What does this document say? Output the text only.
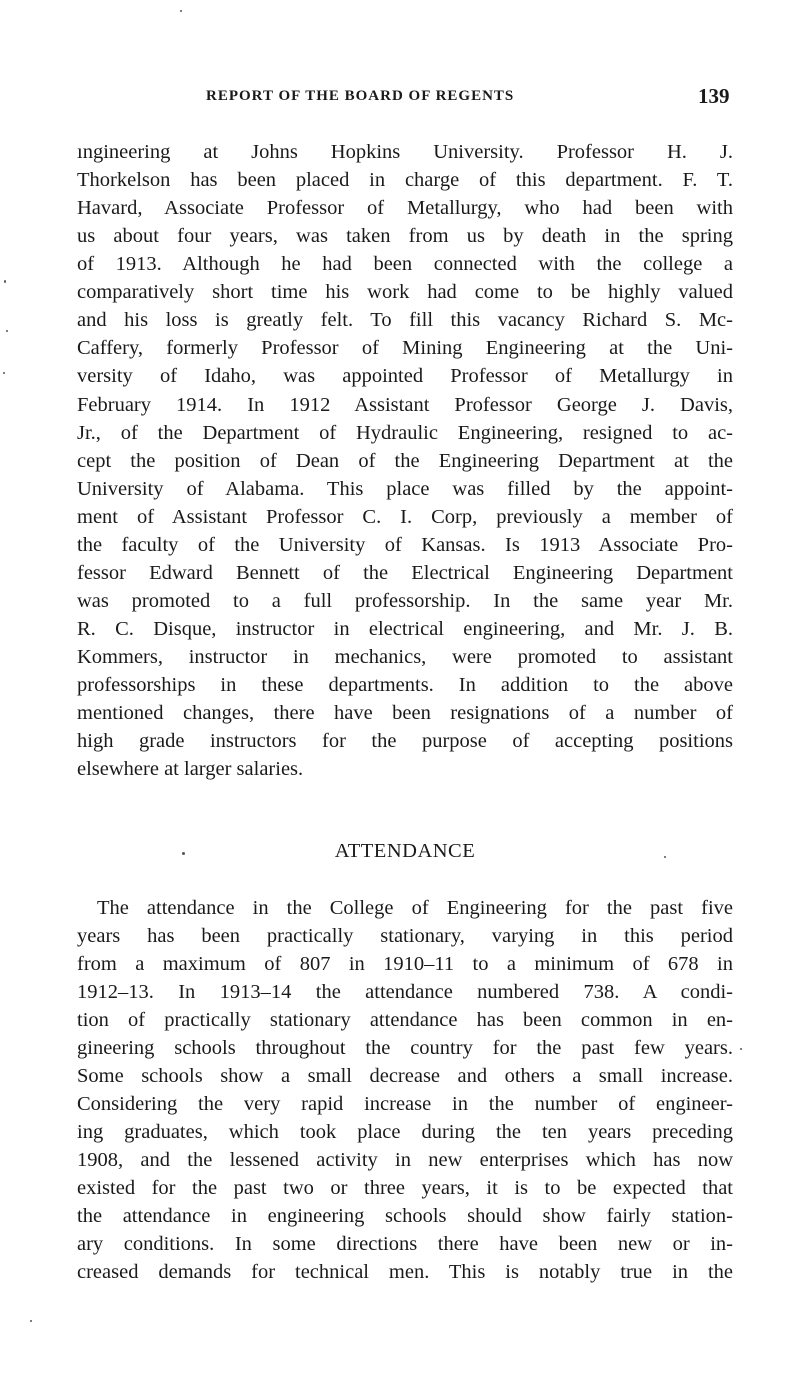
REPORT OF THE BOARD OF REGENTS	139
ıngineering at Johns Hopkins University. Professor H. J.
Thorkelson has been placed in charge of this department. F. T.
Havard, Associate Professor of Metallurgy, who had been with
us about four years, was taken from us by death in the spring
of 1913. Although he had been connected with the college a
comparatively short time his work had come to be highly valued
and his loss is greatly felt. To fill this vacancy Richard S. Mc-
Caffery, formerly Professor of Mining Engineering at the Uni-
versity of Idaho, was appointed Professor of Metallurgy in
February 1914. In 1912 Assistant Professor George J. Davis,
Jr., of the Department of Hydraulic Engineering, resigned to ac-
cept the position of Dean of the Engineering Department at the
University of Alabama. This place was filled by the appoint-
ment of Assistant Professor C. I. Corp, previously a member of
the faculty of the University of Kansas. Is 1913 Associate Pro-
fessor Edward Bennett of the Electrical Engineering Department
was promoted to a full professorship. In the same year Mr.
R. C. Disque, instructor in electrical engineering, and Mr. J. B.
Kommers, instructor in mechanics, were promoted to assistant
professorships in these departments. In addition to the above
mentioned changes, there have been resignations of a number of
high grade instructors for the purpose of accepting positions
elsewhere at larger salaries.
ATTENDANCE
The attendance in the College of Engineering for the past five
years has been practically stationary, varying in this period
from a maximum of 807 in 1910–11 to a minimum of 678 in
1912–13. In 1913–14 the attendance numbered 738. A condi-
tion of practically stationary attendance has been common in en-
gineering schools throughout the country for the past few years.
Some schools show a small decrease and others a small increase.
Considering the very rapid increase in the number of engineer-
ing graduates, which took place during the ten years preceding
1908, and the lessened activity in new enterprises which has now
existed for the past two or three years, it is to be expected that
the attendance in engineering schools should show fairly station-
ary conditions. In some directions there have been new or in-
creased demands for technical men. This is notably true in the
